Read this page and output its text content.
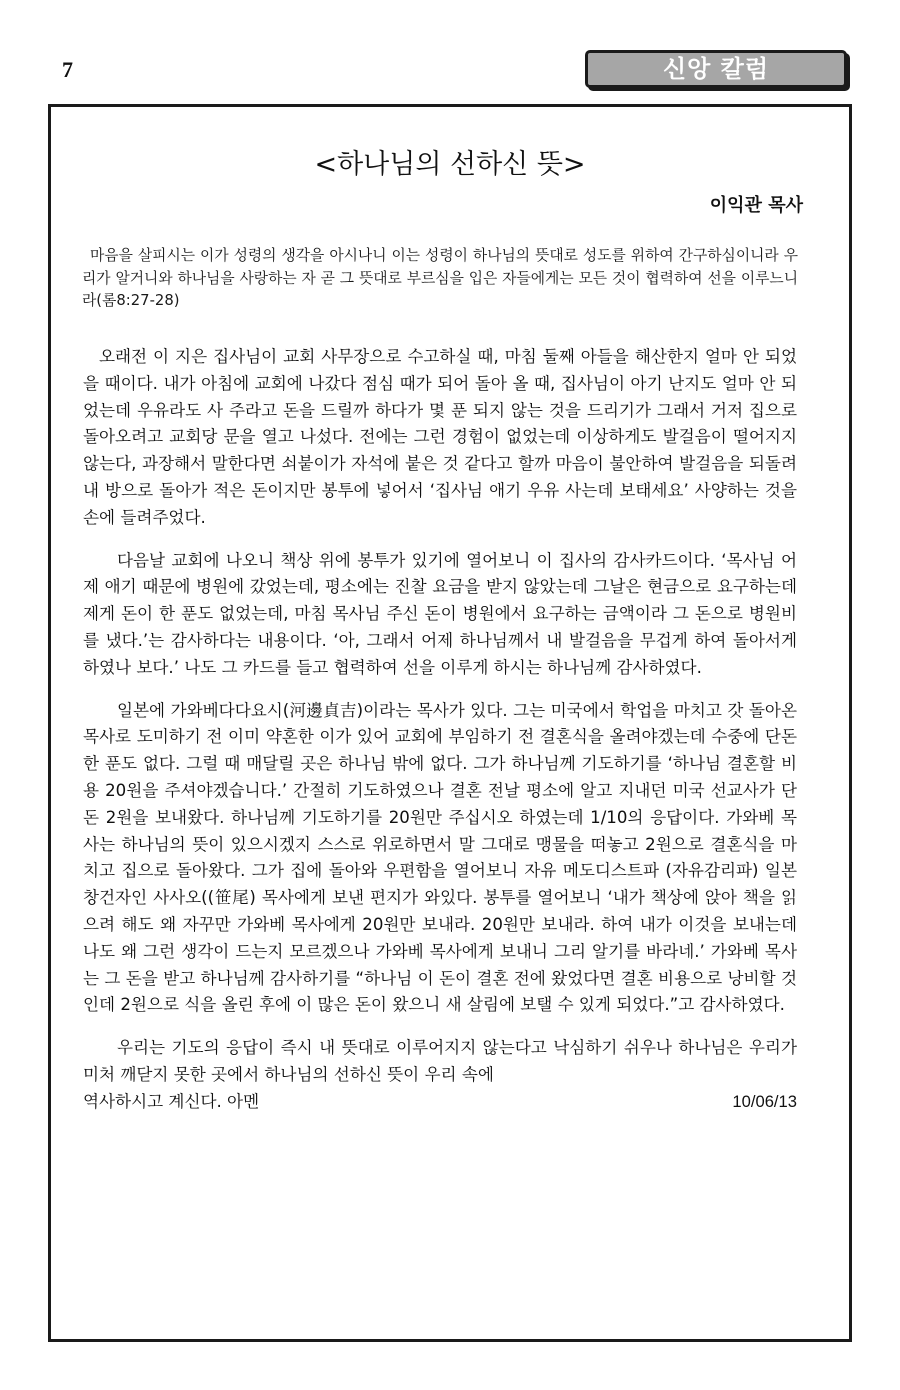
7	신앙 칼럼
<하나님의 선하신 뜻>

이익관 목사

마음을 살피시는 이가 성령의 생각을 아시나니 이는 성령이 하나님의 뜻대로 성도를 위하여 간구하심이니라 우리가 알거니와 하나님을 사랑하는 자 곧 그 뜻대로 부르심을 입은 자들에게는 모든 것이 협력하여 선을 이루느니라(롬8:27-28)

오래전 이 지은 집사님이 교회 사무장으로 수고하실 때, 마침 둘째 아들을 해산한지 얼마 안 되었을 때이다. 내가 아침에 교회에 나갔다 점심 때가 되어 돌아 올 때, 집사님이 아기 난지도 얼마 안 되었는데 우유라도 사 주라고 돈을 드릴까 하다가 몇 푼 되지 않는 것을 드리기가 그래서 거저 집으로 돌아오려고 교회당 문을 열고 나섰다. 전에는 그런 경험이 없었는데 이상하게도 발걸음이 떨어지지 않는다, 과장해서 말한다면 쇠붙이가 자석에 붙은 것 같다고 할까 마음이 불안하여 발걸음을 되돌려 내 방으로 돌아가 적은 돈이지만 봉투에 넣어서 ‘집사님 애기 우유 사는데 보태세요’ 사양하는 것을 손에 들려주었다.

다음날 교회에 나오니 책상 위에 봉투가 있기에 열어보니 이 집사의 감사카드이다. ‘목사님 어제 애기 때문에 병원에 갔었는데, 평소에는 진찰 요금을 받지 않았는데 그날은 현금으로 요구하는데 제게 돈이 한 푼도 없었는데, 마침 목사님 주신 돈이 병원에서 요구하는 금액이라 그 돈으로 병원비를 냈다.’는 감사하다는 내용이다. ‘아, 그래서 어제 하나님께서 내 발걸음을 무겁게 하여 돌아서게 하였나 보다.’ 나도 그 카드를 들고 협력하여 선을 이루게 하시는 하나님께 감사하였다.

일본에 가와베다다요시(河邊貞吉)이라는 목사가 있다. 그는 미국에서 학업을 마치고 갓 돌아온 목사로 도미하기 전 이미 약혼한 이가 있어 교회에 부임하기 전 결혼식을 올려야겠는데 수중에 단돈 한 푼도 없다. 그럴 때 매달릴 곳은 하나님 밖에 없다. 그가 하나님께 기도하기를 ‘하나님 결혼할 비용 20원을 주셔야겠습니다.’ 간절히 기도하였으나 결혼 전날 평소에 알고 지내던 미국 선교사가 단돈 2원을 보내왔다. 하나님께 기도하기를 20원만 주십시오 하였는데 1/10의 응답이다. 가와베 목사는 하나님의 뜻이 있으시겠지 스스로 위로하면서 말 그대로 맹물을 떠놓고 2원으로 결혼식을 마치고 집으로 돌아왔다. 그가 집에 돌아와 우편함을 열어보니 자유 메도디스트파 (자유감리파) 일본 창건자인 사사오((笹尾) 목사에게 보낸 편지가 와있다. 봉투를 열어보니 ‘내가 책상에 앉아 책을 읽으려 해도 왜 자꾸만 가와베 목사에게 20원만 보내라. 20원만 보내라. 하여 내가 이것을 보내는데 나도 왜 그런 생각이 드는지 모르겠으나 가와베 목사에게 보내니 그리 알기를 바라네.’ 가와베 목사는 그 돈을 받고 하나님께 감사하기를 “하나님 이 돈이 결혼 전에 왔었다면 결혼 비용으로 낭비할 것인데 2원으로 식을 올린 후에 이 많은 돈이 왔으니 새 살림에 보탤 수 있게 되었다.”고 감사하였다.

우리는 기도의 응답이 즉시 내 뜻대로 이루어지지 않는다고 낙심하기 쉬우나 하나님은 우리가 미처 깨닫지 못한 곳에서 하나님의 선하신 뜻이 우리 속에
역사하시고 계신다. 아멘	10/06/13
